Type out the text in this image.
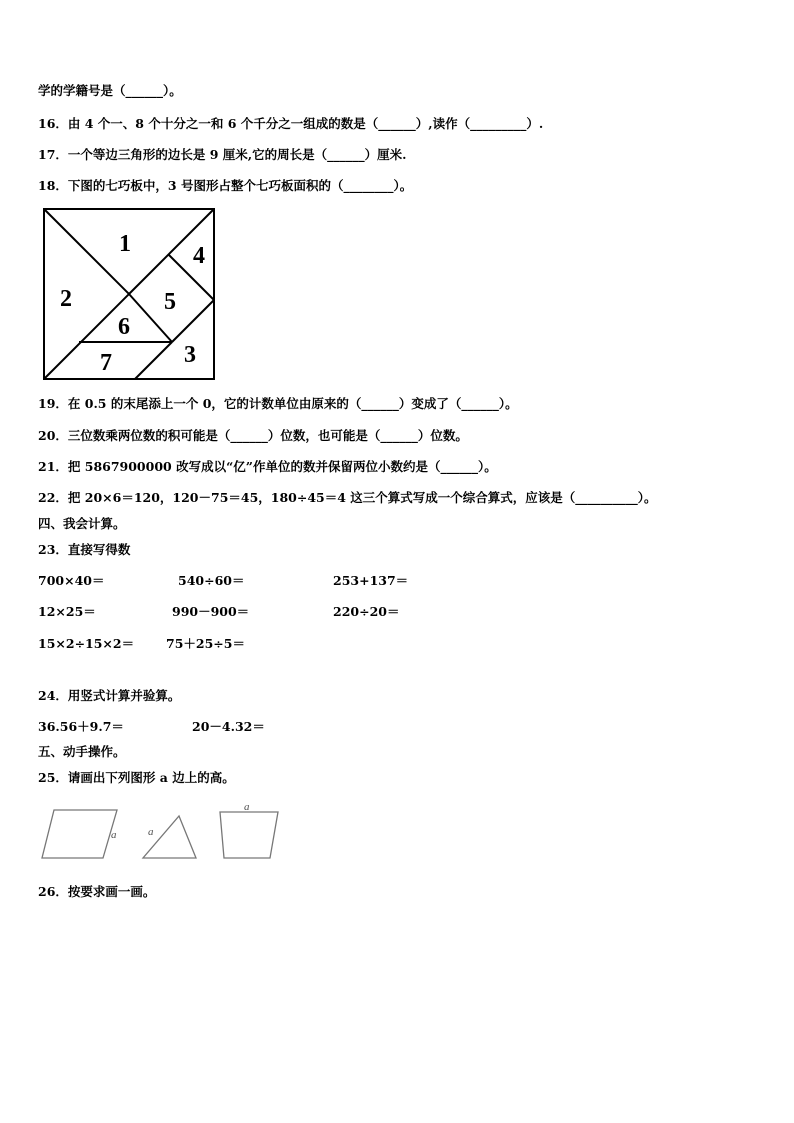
学的学籍号是（______）。
16．由 4 个一、8 个十分之一和 6 个千分之一组成的数是（______）,读作（_________）.
17．一个等边三角形的边长是 9 厘米,它的周长是（______）厘米.
18．下图的七巧板中，3 号图形占整个七巧板面积的（________）。
1
2
3
4
5
6
7
19．在 0.5 的末尾添上一个 0，它的计数单位由原来的（______）变成了（______）。
20．三位数乘两位数的积可能是（______）位数，也可能是（______）位数。
21．把 5867900000 改写成以“亿”作单位的数并保留两位小数约是（______）。
22．把 20×6＝120，120－75＝45，180÷45＝4 这三个算式写成一个综合算式，应该是（__________）。
四、我会计算。
23．直接写得数
700×40＝	540÷60＝	253+137＝
12×25＝	990－900＝	220÷20＝
15×2÷15×2＝	75＋25÷5＝
24．用竖式计算并验算。
36.56＋9.7＝	20－4.32＝
五、动手操作。
25．请画出下列图形 a 边上的高。
a	a
a
26．按要求画一画。
